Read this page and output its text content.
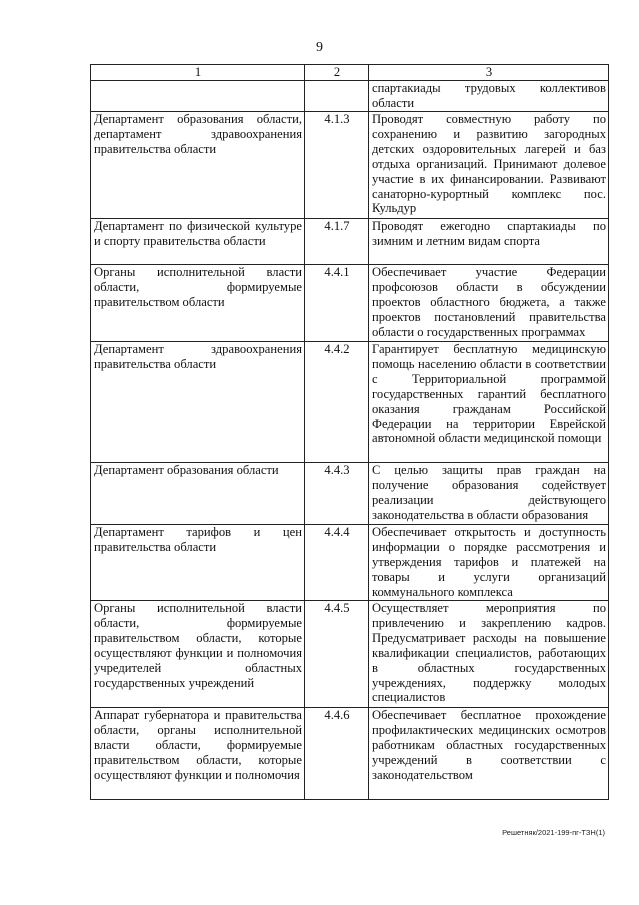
9
1	2	3
		спартакиады трудовых коллективов области
Департамент образования области, департамент здравоохранения правительства области	4.1.3	Проводят совместную работу по сохранению и развитию загородных детских оздоровительных лагерей и баз отдыха организаций. Принимают долевое участие в их финансировании. Развивают санаторно-курортный комплекс пос. Кульдур
Департамент по физической культуре и спорту правительства области	4.1.7	Проводят ежегодно спартакиады по зимним и летним видам спорта
Органы исполнительной власти области, формируемые правительством области	4.4.1	Обеспечивает участие Федерации профсоюзов области в обсуждении проектов областного бюджета, а также проектов постановлений правительства области о государственных программах
Департамент здравоохранения правительства области	4.4.2	Гарантирует бесплатную медицинскую помощь населению области в соответствии с Территориальной программой государственных гарантий бесплатного оказания гражданам Российской Федерации на территории Еврейской автономной области медицинской помощи
Департамент образования области	4.4.3	С целью защиты прав граждан на получение образования содействует реализации действующего законодательства в области образования
Департамент тарифов и цен правительства области	4.4.4	Обеспечивает открытость и доступность информации о порядке рассмотрения и утверждения тарифов и платежей на товары и услуги организаций коммунального комплекса
Органы исполнительной власти области, формируемые правительством области, которые осуществляют функции и полномочия учредителей областных государственных учреждений	4.4.5	Осуществляет мероприятия по привлечению и закреплению кадров. Предусматривает расходы на повышение квалификации специалистов, работающих в областных государственных учреждениях, поддержку молодых специалистов
Аппарат губернатора и правительства области, органы исполнительной власти области, формируемые правительством области, которые осуществляют функции и полномочия	4.4.6	Обеспечивает бесплатное прохождение профилактических медицинских осмотров работникам областных государственных учреждений в соответствии с законодательством
Решетняк/2021-199-пг-ТЗН(1)
